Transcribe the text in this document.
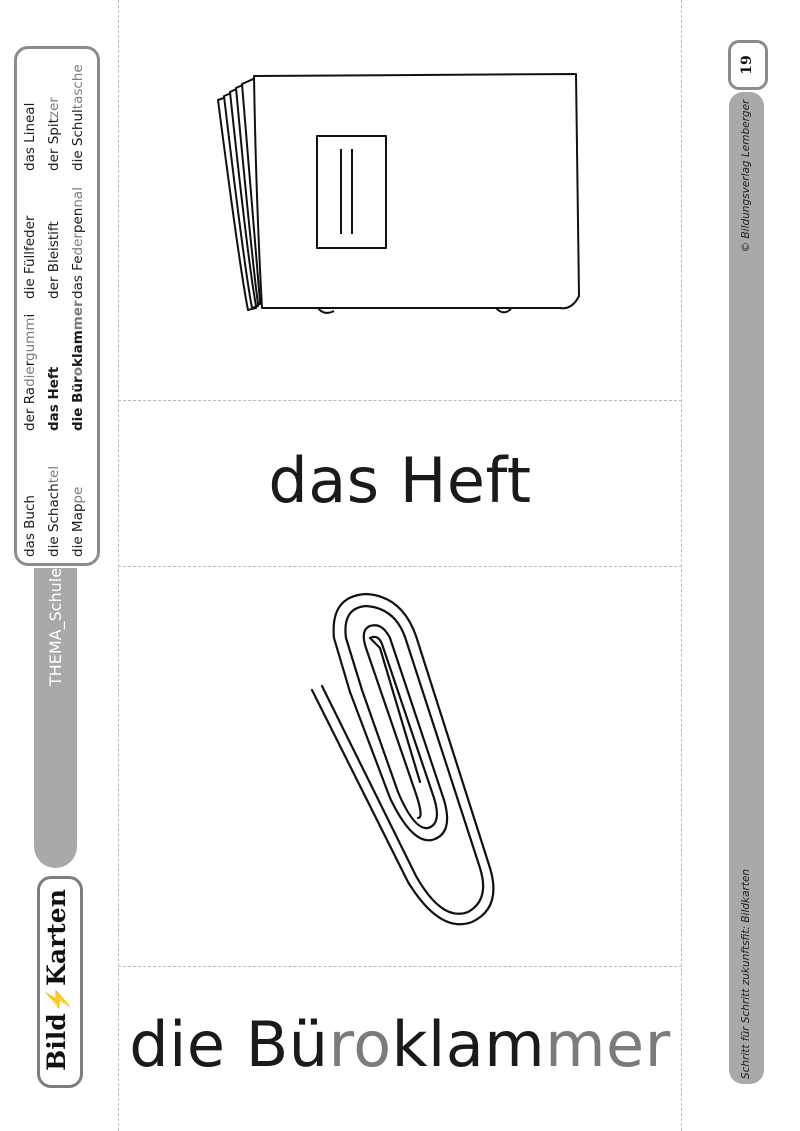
das Buch
der Radiergummi
die Füllfeder
das Lineal
die Schachtel
das Heft
der Bleistift
der Spitzer
die Mappe
die Büroklammer
das Federpennal
die Schultasche
THEMA_Schule
Bild⚡Karten
19
© Bildungsverlag Lemberger
Schritt für Schritt zukunftsfit: Bildkarten
das Heft
die Büroklammer
